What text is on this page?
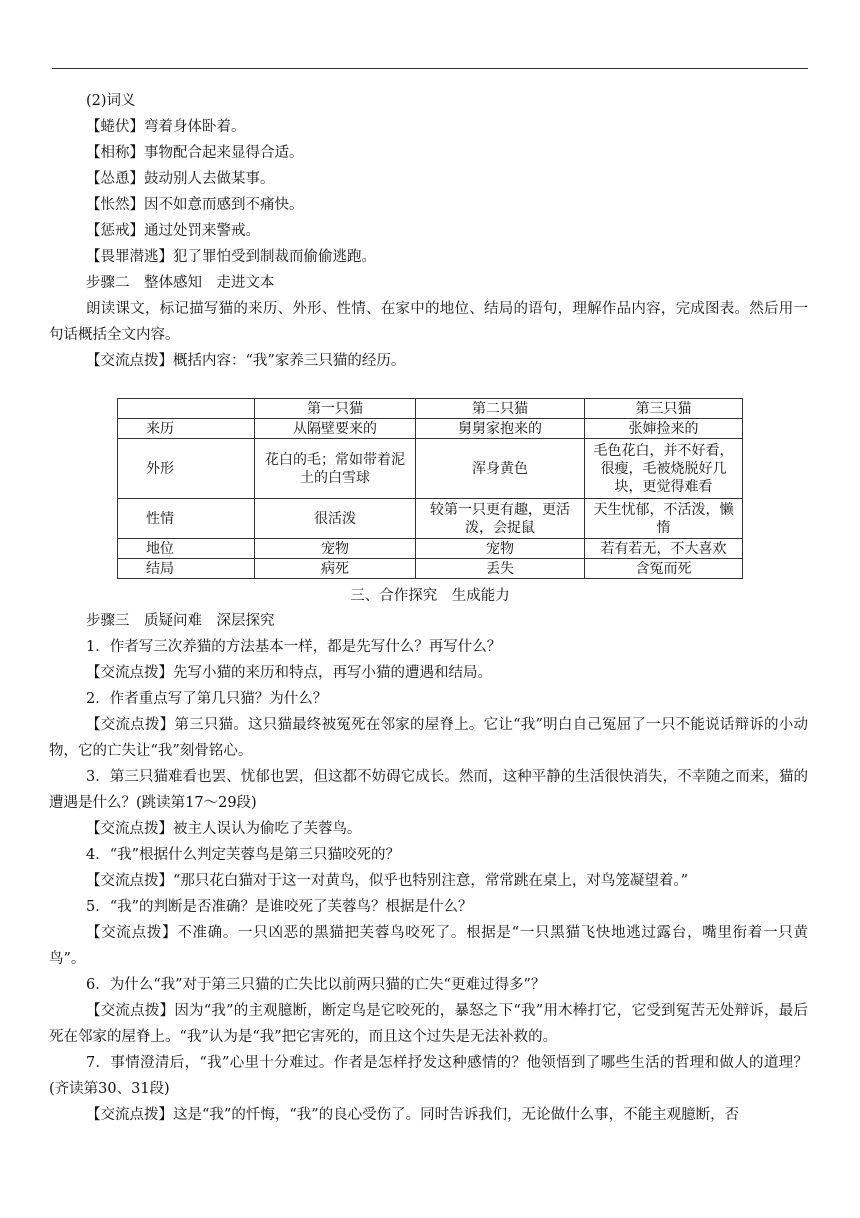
(2)词义
【蜷伏】弯着身体卧着。
【相称】事物配合起来显得合适。
【怂恿】鼓动别人去做某事。
【怅然】因不如意而感到不痛快。
【惩戒】通过处罚来警戒。
【畏罪潜逃】犯了罪怕受到制裁而偷偷逃跑。
步骤二　整体感知　走进文本
朗读课文，标记描写猫的来历、外形、性情、在家中的地位、结局的语句，理解作品内容，完成图表。然后用一句话概括全文内容。
【交流点拨】概括内容：“我”家养三只猫的经历。
	第一只猫	第二只猫	第三只猫
来历	从隔壁要来的	舅舅家抱来的	张婶捡来的
外形	花白的毛；常如带着泥土的白雪球	浑身黄色	毛色花白，并不好看，很瘦，毛被烧脱好几块，更觉得难看
性情	很活泼	较第一只更有趣，更活泼，会捉鼠	天生忧郁，不活泼，懒惰
地位	宠物	宠物	若有若无，不大喜欢
结局	病死	丢失	含冤而死
三、合作探究　生成能力
步骤三　质疑问难　深层探究
1．作者写三次养猫的方法基本一样，都是先写什么？再写什么？
【交流点拨】先写小猫的来历和特点，再写小猫的遭遇和结局。
2．作者重点写了第几只猫？为什么？
【交流点拨】第三只猫。这只猫最终被冤死在邻家的屋脊上。它让“我”明白自己冤屈了一只不能说话辩诉的小动物，它的亡失让“我”刻骨铭心。
3．第三只猫难看也罢、忧郁也罢，但这都不妨碍它成长。然而，这种平静的生活很快消失，不幸随之而来，猫的遭遇是什么？(跳读第17～29段)
【交流点拨】被主人误认为偷吃了芙蓉鸟。
4．“我”根据什么判定芙蓉鸟是第三只猫咬死的？
【交流点拨】“那只花白猫对于这一对黄鸟，似乎也特别注意，常常跳在桌上，对鸟笼凝望着。”
5．“我”的判断是否准确？是谁咬死了芙蓉鸟？根据是什么？
【交流点拨】不准确。一只凶恶的黑猫把芙蓉鸟咬死了。根据是“一只黑猫飞快地逃过露台，嘴里衔着一只黄鸟”。
6．为什么“我”对于第三只猫的亡失比以前两只猫的亡失“更难过得多”？
【交流点拨】因为“我”的主观臆断，断定鸟是它咬死的，暴怒之下“我”用木棒打它，它受到冤苦无处辩诉，最后死在邻家的屋脊上。“我”认为是“我”把它害死的，而且这个过失是无法补救的。
7．事情澄清后，“我”心里十分难过。作者是怎样抒发这种感情的？他领悟到了哪些生活的哲理和做人的道理？(齐读第30、31段)
【交流点拨】这是“我”的忏悔，“我”的良心受伤了。同时告诉我们，无论做什么事，不能主观臆断，否
